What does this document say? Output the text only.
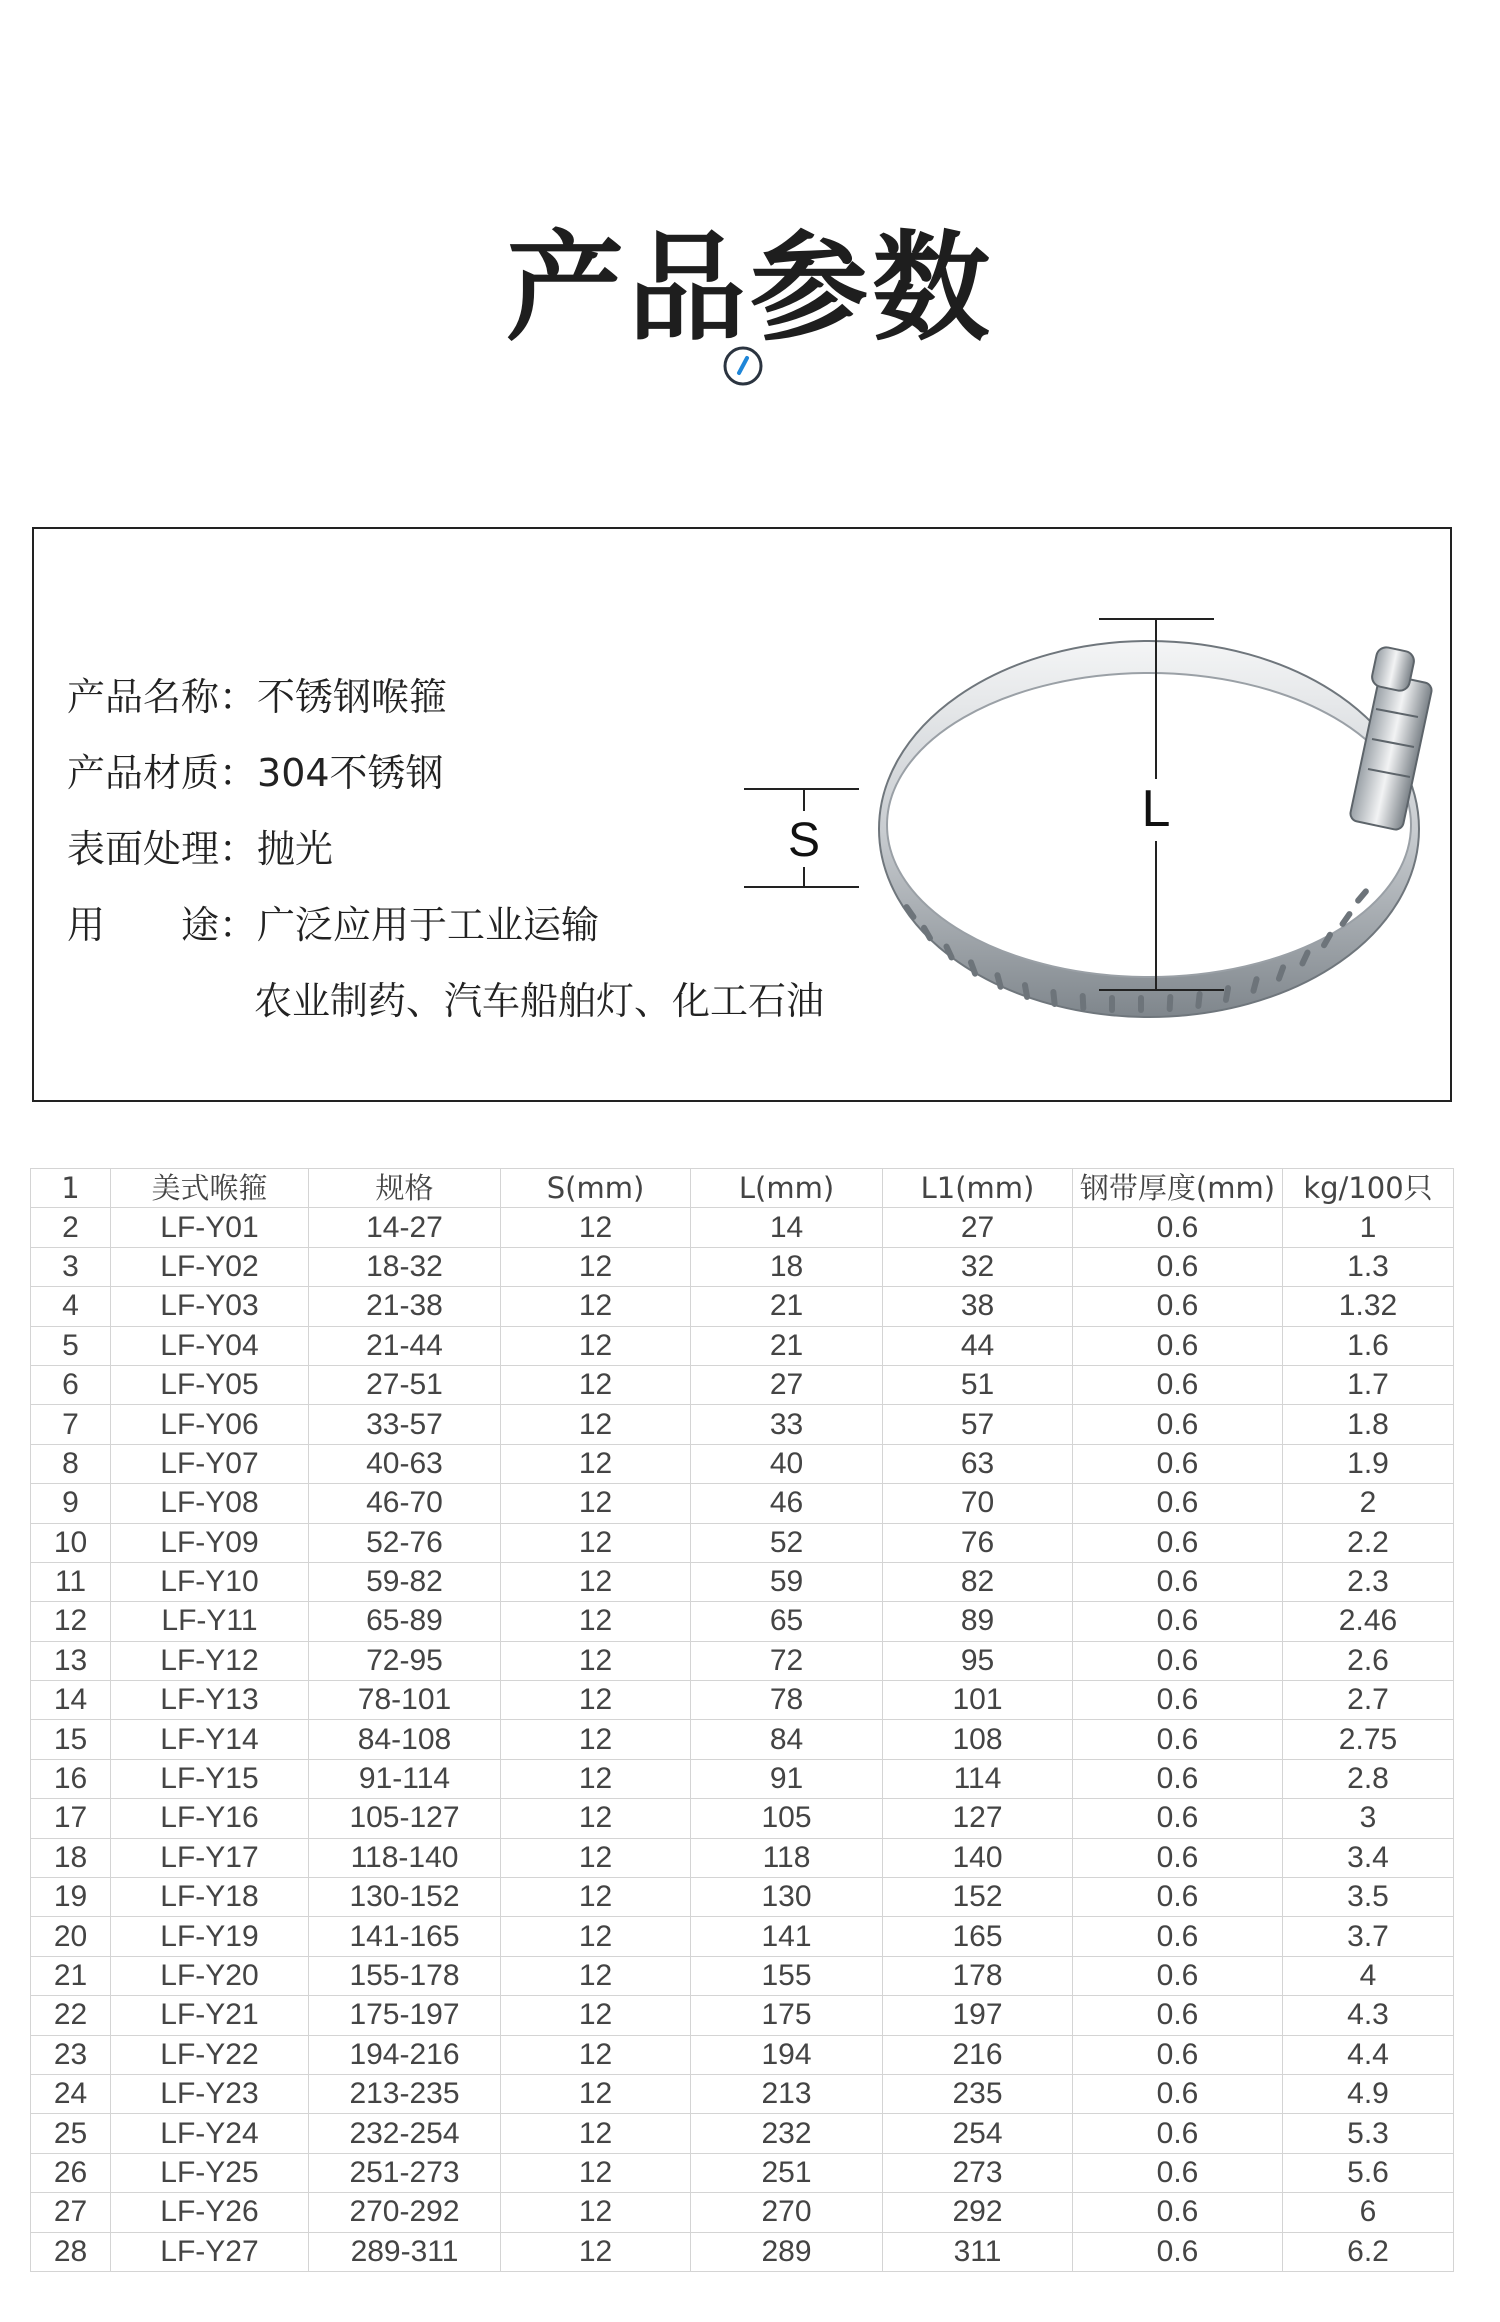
产品参数
产品名称：不锈钢喉箍
产品材质：304不锈钢
表面处理：抛光
用　　途：广泛应用于工业运输
农业制药、汽车船舶灯、化工石油
L
S
1	美式喉箍	规格	S(mm)	L(mm)	L1(mm)	钢带厚度(mm)	kg/100只
2	LF-Y01	14-27	12	14	27	0.6	1
3	LF-Y02	18-32	12	18	32	0.6	1.3
4	LF-Y03	21-38	12	21	38	0.6	1.32
5	LF-Y04	21-44	12	21	44	0.6	1.6
6	LF-Y05	27-51	12	27	51	0.6	1.7
7	LF-Y06	33-57	12	33	57	0.6	1.8
8	LF-Y07	40-63	12	40	63	0.6	1.9
9	LF-Y08	46-70	12	46	70	0.6	2
10	LF-Y09	52-76	12	52	76	0.6	2.2
11	LF-Y10	59-82	12	59	82	0.6	2.3
12	LF-Y11	65-89	12	65	89	0.6	2.46
13	LF-Y12	72-95	12	72	95	0.6	2.6
14	LF-Y13	78-101	12	78	101	0.6	2.7
15	LF-Y14	84-108	12	84	108	0.6	2.75
16	LF-Y15	91-114	12	91	114	0.6	2.8
17	LF-Y16	105-127	12	105	127	0.6	3
18	LF-Y17	118-140	12	118	140	0.6	3.4
19	LF-Y18	130-152	12	130	152	0.6	3.5
20	LF-Y19	141-165	12	141	165	0.6	3.7
21	LF-Y20	155-178	12	155	178	0.6	4
22	LF-Y21	175-197	12	175	197	0.6	4.3
23	LF-Y22	194-216	12	194	216	0.6	4.4
24	LF-Y23	213-235	12	213	235	0.6	4.9
25	LF-Y24	232-254	12	232	254	0.6	5.3
26	LF-Y25	251-273	12	251	273	0.6	5.6
27	LF-Y26	270-292	12	270	292	0.6	6
28	LF-Y27	289-311	12	289	311	0.6	6.2
